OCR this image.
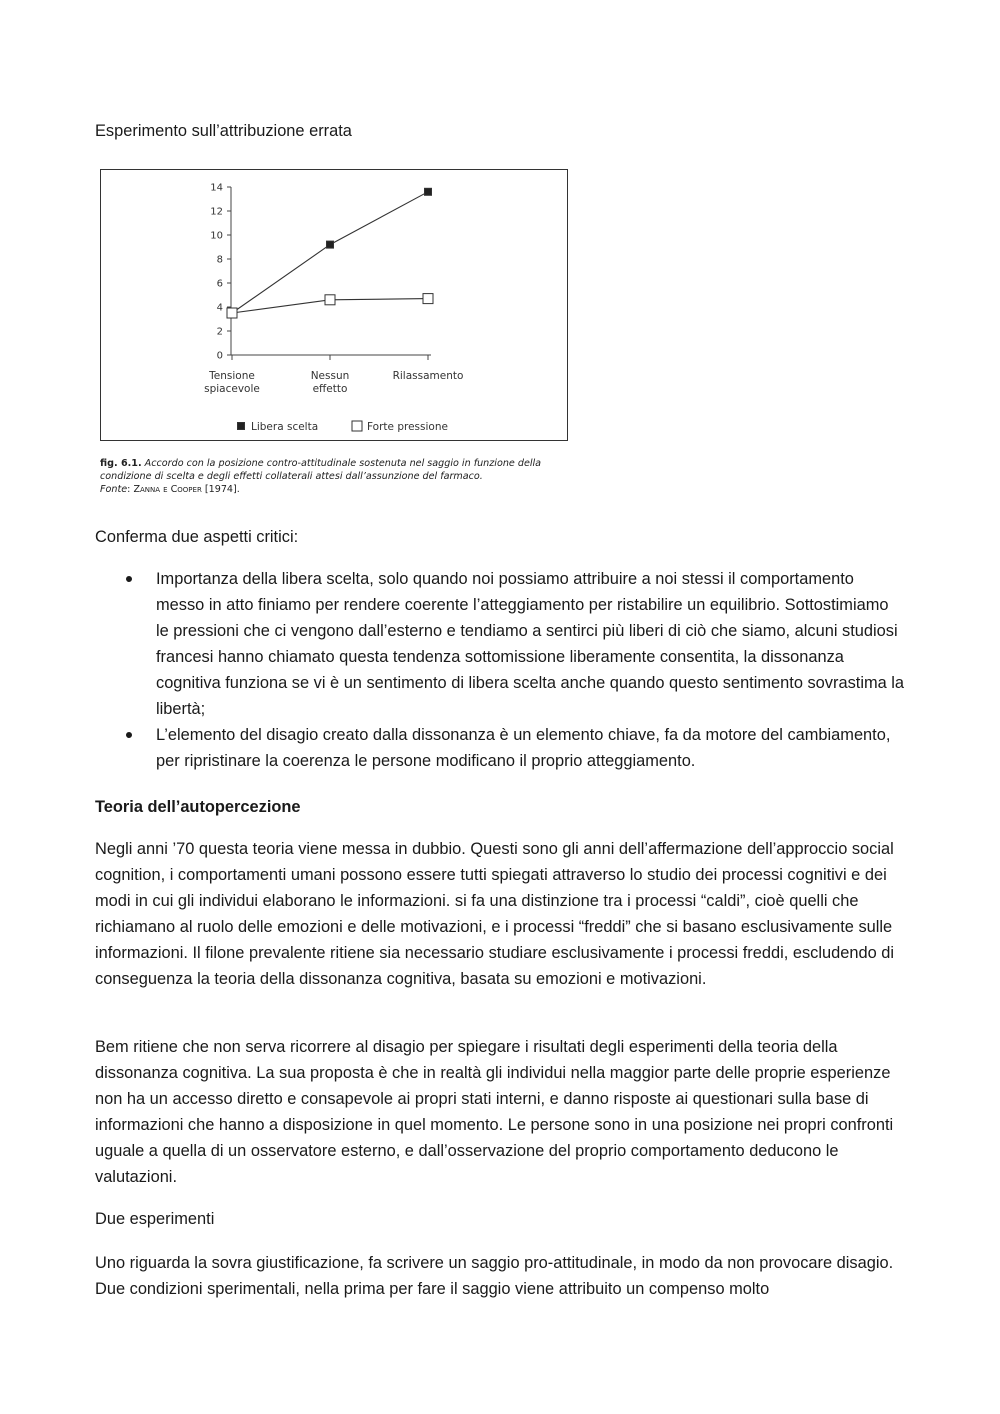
Esperimento sull’attribuzione errata

0
2
4
6
8
10
12
14
Tensione
spiacevole
Nessun
effetto
Rilassamento
Libera scelta	Forte pressione
fig. 6.1. Accordo con la posizione contro-attitudinale sostenuta nel saggio in funzione della condizione di scelta e degli effetti collaterali attesi dall’assunzione del farmaco.
Fonte: Zanna e Cooper [1974].

Conferma due aspetti critici:

Importanza della libera scelta, solo quando noi possiamo attribuire a noi stessi il comportamento messo in atto finiamo per rendere coerente l’atteggiamento per ristabilire un equilibrio. Sottostimiamo le pressioni che ci vengono dall’esterno e tendiamo a sentirci più liberi di ciò che siamo, alcuni studiosi francesi hanno chiamato questa tendenza sottomissione liberamente consentita, la dissonanza cognitiva funziona se vi è un sentimento di libera scelta anche quando questo sentimento sovrastima la libertà;
L’elemento del disagio creato dalla dissonanza è un elemento chiave, fa da motore del cambiamento, per ripristinare la coerenza le persone modificano il proprio atteggiamento.

Teoria dell’autopercezione

Negli anni ’70 questa teoria viene messa in dubbio. Questi sono gli anni dell’affermazione dell’approccio social cognition, i comportamenti umani possono essere tutti spiegati attraverso lo studio dei processi cognitivi e dei modi in cui gli individui elaborano le informazioni. si fa una distinzione tra i processi “caldi”, cioè quelli che richiamano al ruolo delle emozioni e delle motivazioni, e i processi “freddi” che si basano esclusivamente sulle informazioni. Il filone prevalente ritiene sia necessario studiare esclusivamente i processi freddi, escludendo di conseguenza la teoria della dissonanza cognitiva, basata su emozioni e motivazioni.

Bem ritiene che non serva ricorrere al disagio per spiegare i risultati degli esperimenti della teoria della dissonanza cognitiva. La sua proposta è che in realtà gli individui nella maggior parte delle proprie esperienze non ha un accesso diretto e consapevole ai propri stati interni, e danno risposte ai questionari sulla base di informazioni che hanno a disposizione in quel momento. Le persone sono in una posizione nei propri confronti uguale a quella di un osservatore esterno, e dall’osservazione del proprio comportamento deducono le valutazioni.

Due esperimenti

Uno riguarda la sovra giustificazione, fa scrivere un saggio pro-attitudinale, in modo da non provocare disagio. Due condizioni sperimentali, nella prima per fare il saggio viene attribuito un compenso molto
